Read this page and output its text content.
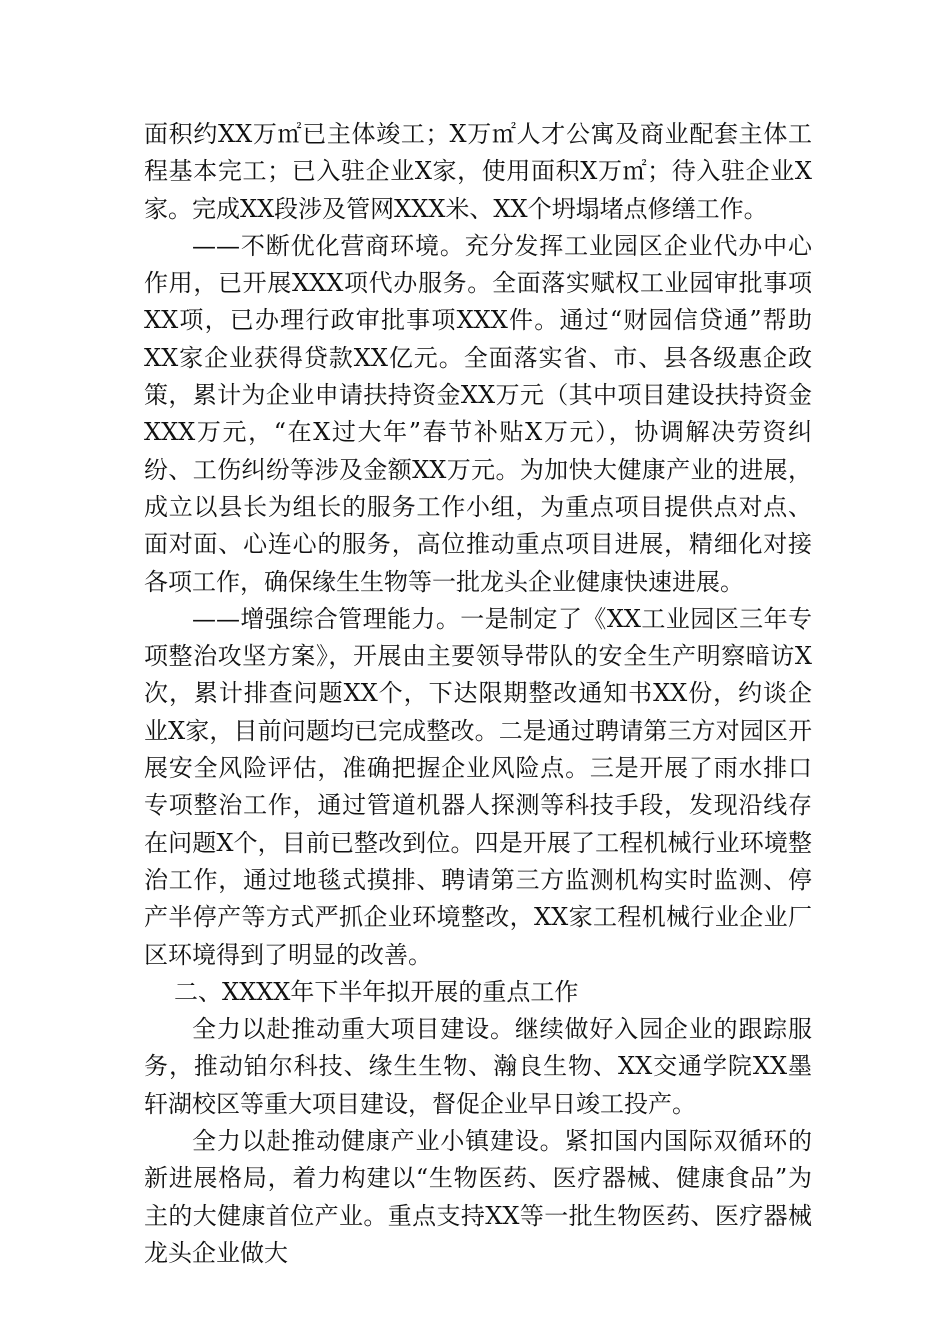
面积约XX万㎡已主体竣工；X万㎡人才公寓及商业配套主体工程基本完工；已入驻企业X家，使用面积X万㎡；待入驻企业X家。完成XX段涉及管网XXX米、XX个坍塌堵点修缮工作。

——不断优化营商环境。充分发挥工业园区企业代办中心作用，已开展XXX项代办服务。全面落实赋权工业园审批事项XX项，已办理行政审批事项XXX件。通过“财园信贷通”帮助XX家企业获得贷款XX亿元。全面落实省、市、县各级惠企政策，累计为企业申请扶持资金XX万元（其中项目建设扶持资金XXX万元，“在X过大年”春节补贴X万元），协调解决劳资纠纷、工伤纠纷等涉及金额XX万元。为加快大健康产业的进展，成立以县长为组长的服务工作小组，为重点项目提供点对点、面对面、心连心的服务，高位推动重点项目进展，精细化对接各项工作，确保缘生生物等一批龙头企业健康快速进展。

——增强综合管理能力。一是制定了《XX工业园区三年专项整治攻坚方案》，开展由主要领导带队的安全生产明察暗访X次，累计排查问题XX个，下达限期整改通知书XX份，约谈企业X家，目前问题均已完成整改。二是通过聘请第三方对园区开展安全风险评估，准确把握企业风险点。三是开展了雨水排口专项整治工作，通过管道机器人探测等科技手段，发现沿线存在问题X个，目前已整改到位。四是开展了工程机械行业环境整治工作，通过地毯式摸排、聘请第三方监测机构实时监测、停产半停产等方式严抓企业环境整改，XX家工程机械行业企业厂区环境得到了明显的改善。

二、XXXX年下半年拟开展的重点工作

全力以赴推动重大项目建设。继续做好入园企业的跟踪服务，推动铂尔科技、缘生生物、瀚良生物、XX交通学院XX墨轩湖校区等重大项目建设，督促企业早日竣工投产。

全力以赴推动健康产业小镇建设。紧扣国内国际双循环的新进展格局，着力构建以“生物医药、医疗器械、健康食品”为主的大健康首位产业。重点支持XX等一批生物医药、医疗器械龙头企业做大
